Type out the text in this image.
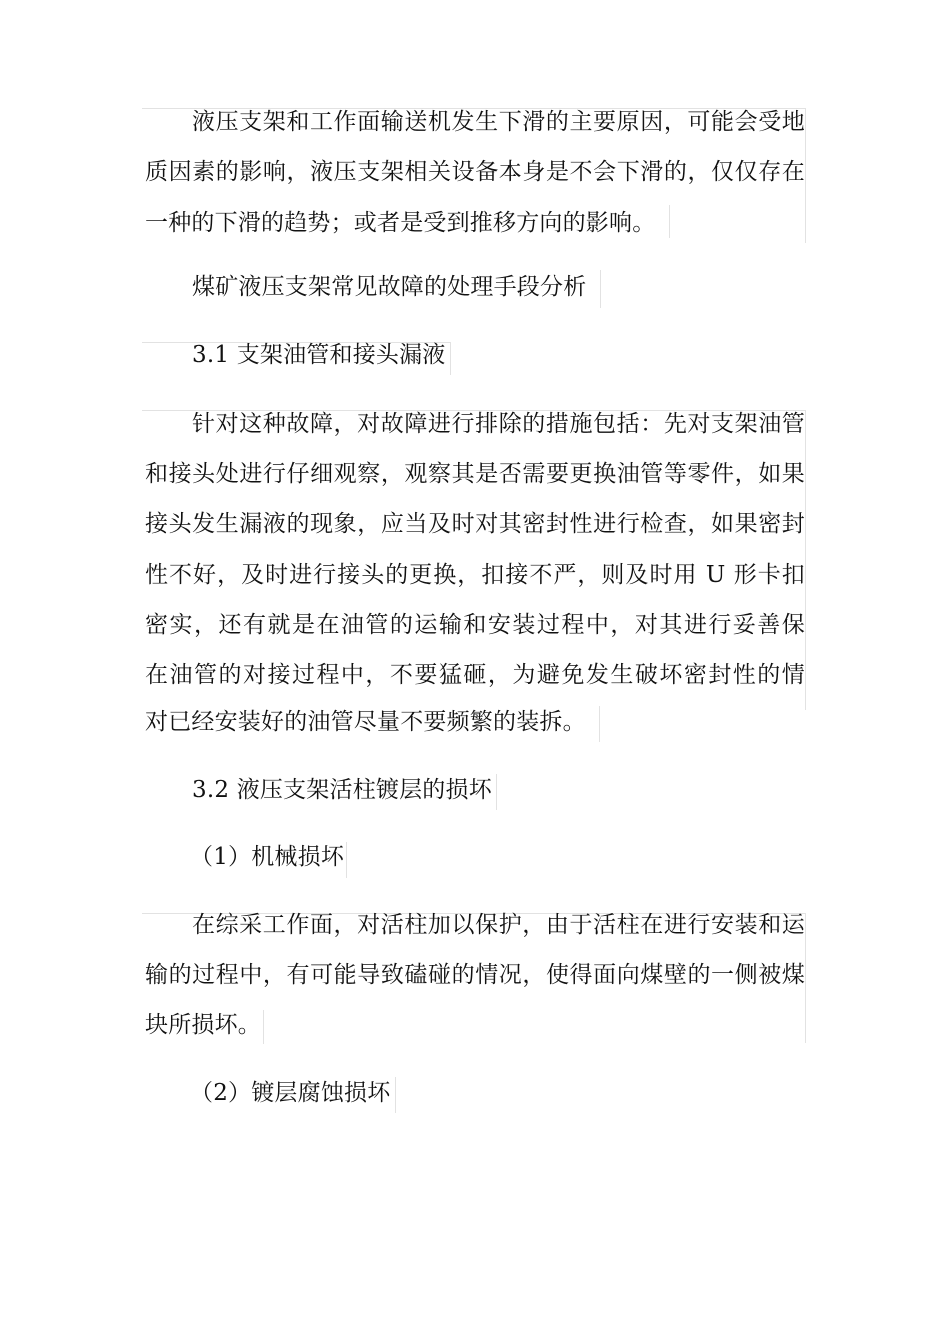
液压支架和工作面输送机发生下滑的主要原因，可能会受地
质因素的影响，液压支架相关设备本身是不会下滑的，仅仅存在
一种的下滑的趋势；或者是受到推移方向的影响。
煤矿液压支架常见故障的处理手段分析
3.1 支架油管和接头漏液
针对这种故障，对故障进行排除的措施包括：先对支架油管
和接头处进行仔细观察，观察其是否需要更换油管等零件，如果
接头发生漏液的现象，应当及时对其密封性进行检查，如果密封
性不好，及时进行接头的更换，扣接不严，则及时用 U 形卡扣
密实，还有就是在油管的运输和安装过程中，对其进行妥善保
在油管的对接过程中，不要猛砸，为避免发生破坏密封性的情
对已经安装好的油管尽量不要频繁的装拆。
3.2 液压支架活柱镀层的损坏
（1）机械损坏
在综采工作面，对活柱加以保护，由于活柱在进行安装和运
输的过程中，有可能导致磕碰的情况，使得面向煤壁的一侧被煤
块所损坏。
（2）镀层腐蚀损坏
